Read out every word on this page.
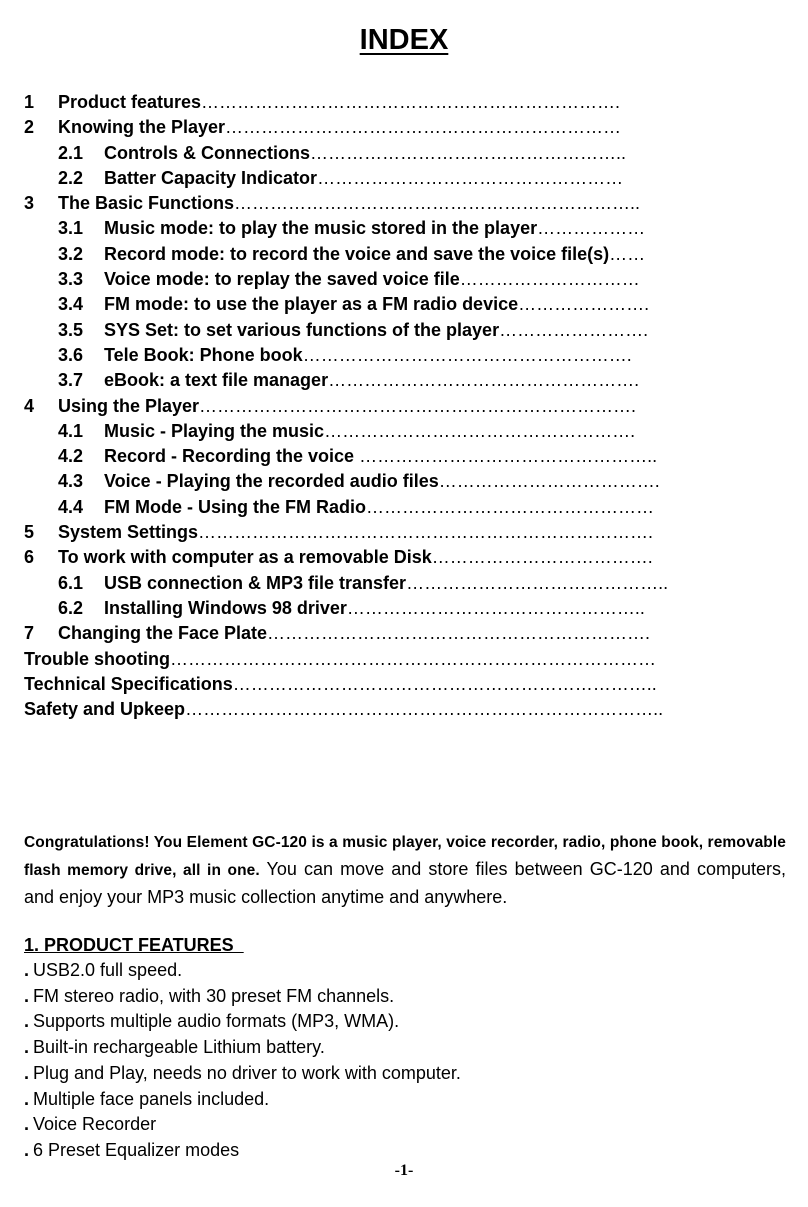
INDEX
1	Product features …………………………………………………………….
2	Knowing the Player …………………………………………………………
2.1	Controls & Connections ……………………………………………..
2.2	Batter Capacity Indicator ……………………………………………
3	The Basic Functions …………………………………………………………..
3.1	Music mode: to play the music stored in the player ………………
3.2	Record mode: to record the voice and save the voice file(s) ……
3.3	Voice mode: to replay the saved voice file …………………………
3.4	FM mode: to use the player as a FM radio device ………………….
3.5	SYS Set: to set various functions of the player …………………….
3.6	Tele Book: Phone book ……………………………………………….
3.7	eBook: a text file manager …………………………………………….
4	Using the Player ……………………………………………………………….
4.1	Music - Playing the music …………………………………………….
4.2	Record - Recording the voice …………………………………………..
4.3	Voice - Playing the recorded audio files ……………………………….
4.4	FM Mode - Using the FM Radio …………………………………………
5	System Settings ………………………………………………………………….
6	To work with computer as a removable Disk ……………………………….
6.1	USB connection & MP3 file transfer ……………………………………..
6.2	Installing Windows 98 driver …………………………………………..
7	Changing the Face Plate ……………………………………………………….
Trouble shooting ………………………………………………………………………
Technical Specifications ……………………………………………………………..
Safety and Upkeep ……………………………………………………………………..
Congratulations! You Element GC-120 is a music player, voice recorder, radio, phone book, removable flash memory drive, all in one. You can move and store files between GC-120 and computers, and enjoy your MP3 music collection anytime and anywhere.
1. PRODUCT FEATURES
. USB2.0 full speed.
. FM stereo radio, with 30 preset FM channels.
. Supports multiple audio formats (MP3, WMA).
. Built-in rechargeable Lithium battery.
. Plug and Play, needs no driver to work with computer.
. Multiple face panels included.
. Voice Recorder
. 6 Preset Equalizer modes
-1-
